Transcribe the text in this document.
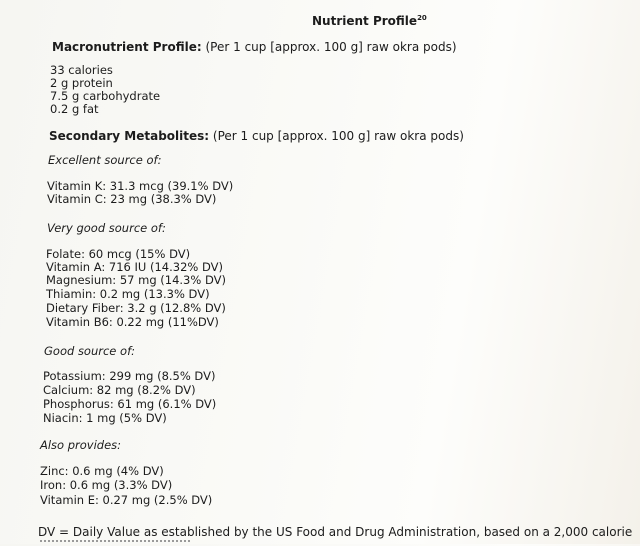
Nutrient Profile$^{20}$
Macronutrient Profile: (Per 1 cup [approx. 100 g] raw okra pods)
33 calories
2 g protein
7.5 g carbohydrate
0.2 g fat
Secondary Metabolites: (Per 1 cup [approx. 100 g] raw okra pods)
Excellent source of:
Vitamin K: 31.3 mcg (39.1% DV)
Vitamin C: 23 mg (38.3% DV)
Very good source of:
Folate: 60 mcg (15% DV)
Vitamin A: 716 IU (14.32% DV)
Magnesium: 57 mg (14.3% DV)
Thiamin: 0.2 mg (13.3% DV)
Dietary Fiber: 3.2 g (12.8% DV)
Vitamin B6: 0.22 mg (11%DV)
Good source of:
Potassium: 299 mg (8.5% DV)
Calcium: 82 mg (8.2% DV)
Phosphorus: 61 mg (6.1% DV)
Niacin: 1 mg (5% DV)
Also provides:
Zinc: 0.6 mg (4% DV)
Iron: 0.6 mg (3.3% DV)
Vitamin E: 0.27 mg (2.5% DV)
DV = Daily Value as established by the US Food and Drug Administration, based on a 2,000 calorie
